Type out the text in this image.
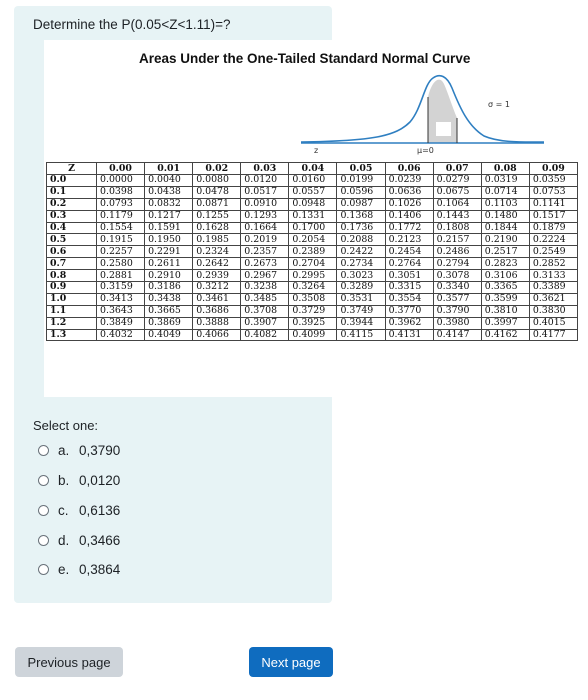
Determine the P(0.05<Z<1.11)=?
Areas Under the One-Tailed Standard Normal Curve
σ = 1
μ=0
z
Z	0.00	0.01	0.02	0.03	0.04	0.05	0.06	0.07	0.08	0.09
0.0	0.0000	0.0040	0.0080	0.0120	0.0160	0.0199	0.0239	0.0279	0.0319	0.0359
0.1	0.0398	0.0438	0.0478	0.0517	0.0557	0.0596	0.0636	0.0675	0.0714	0.0753
0.2	0.0793	0.0832	0.0871	0.0910	0.0948	0.0987	0.1026	0.1064	0.1103	0.1141
0.3	0.1179	0.1217	0.1255	0.1293	0.1331	0.1368	0.1406	0.1443	0.1480	0.1517
0.4	0.1554	0.1591	0.1628	0.1664	0.1700	0.1736	0.1772	0.1808	0.1844	0.1879
0.5	0.1915	0.1950	0.1985	0.2019	0.2054	0.2088	0.2123	0.2157	0.2190	0.2224
0.6	0.2257	0.2291	0.2324	0.2357	0.2389	0.2422	0.2454	0.2486	0.2517	0.2549
0.7	0.2580	0.2611	0.2642	0.2673	0.2704	0.2734	0.2764	0.2794	0.2823	0.2852
0.8	0.2881	0.2910	0.2939	0.2967	0.2995	0.3023	0.3051	0.3078	0.3106	0.3133
0.9	0.3159	0.3186	0.3212	0.3238	0.3264	0.3289	0.3315	0.3340	0.3365	0.3389
1.0	0.3413	0.3438	0.3461	0.3485	0.3508	0.3531	0.3554	0.3577	0.3599	0.3621
1.1	0.3643	0.3665	0.3686	0.3708	0.3729	0.3749	0.3770	0.3790	0.3810	0.3830
1.2	0.3849	0.3869	0.3888	0.3907	0.3925	0.3944	0.3962	0.3980	0.3997	0.4015
1.3	0.4032	0.4049	0.4066	0.4082	0.4099	0.4115	0.4131	0.4147	0.4162	0.4177
Select one:
a. 0,3790
b. 0,0120
c. 0,6136
d. 0,3466
e. 0,3864
Previous page	Next page
